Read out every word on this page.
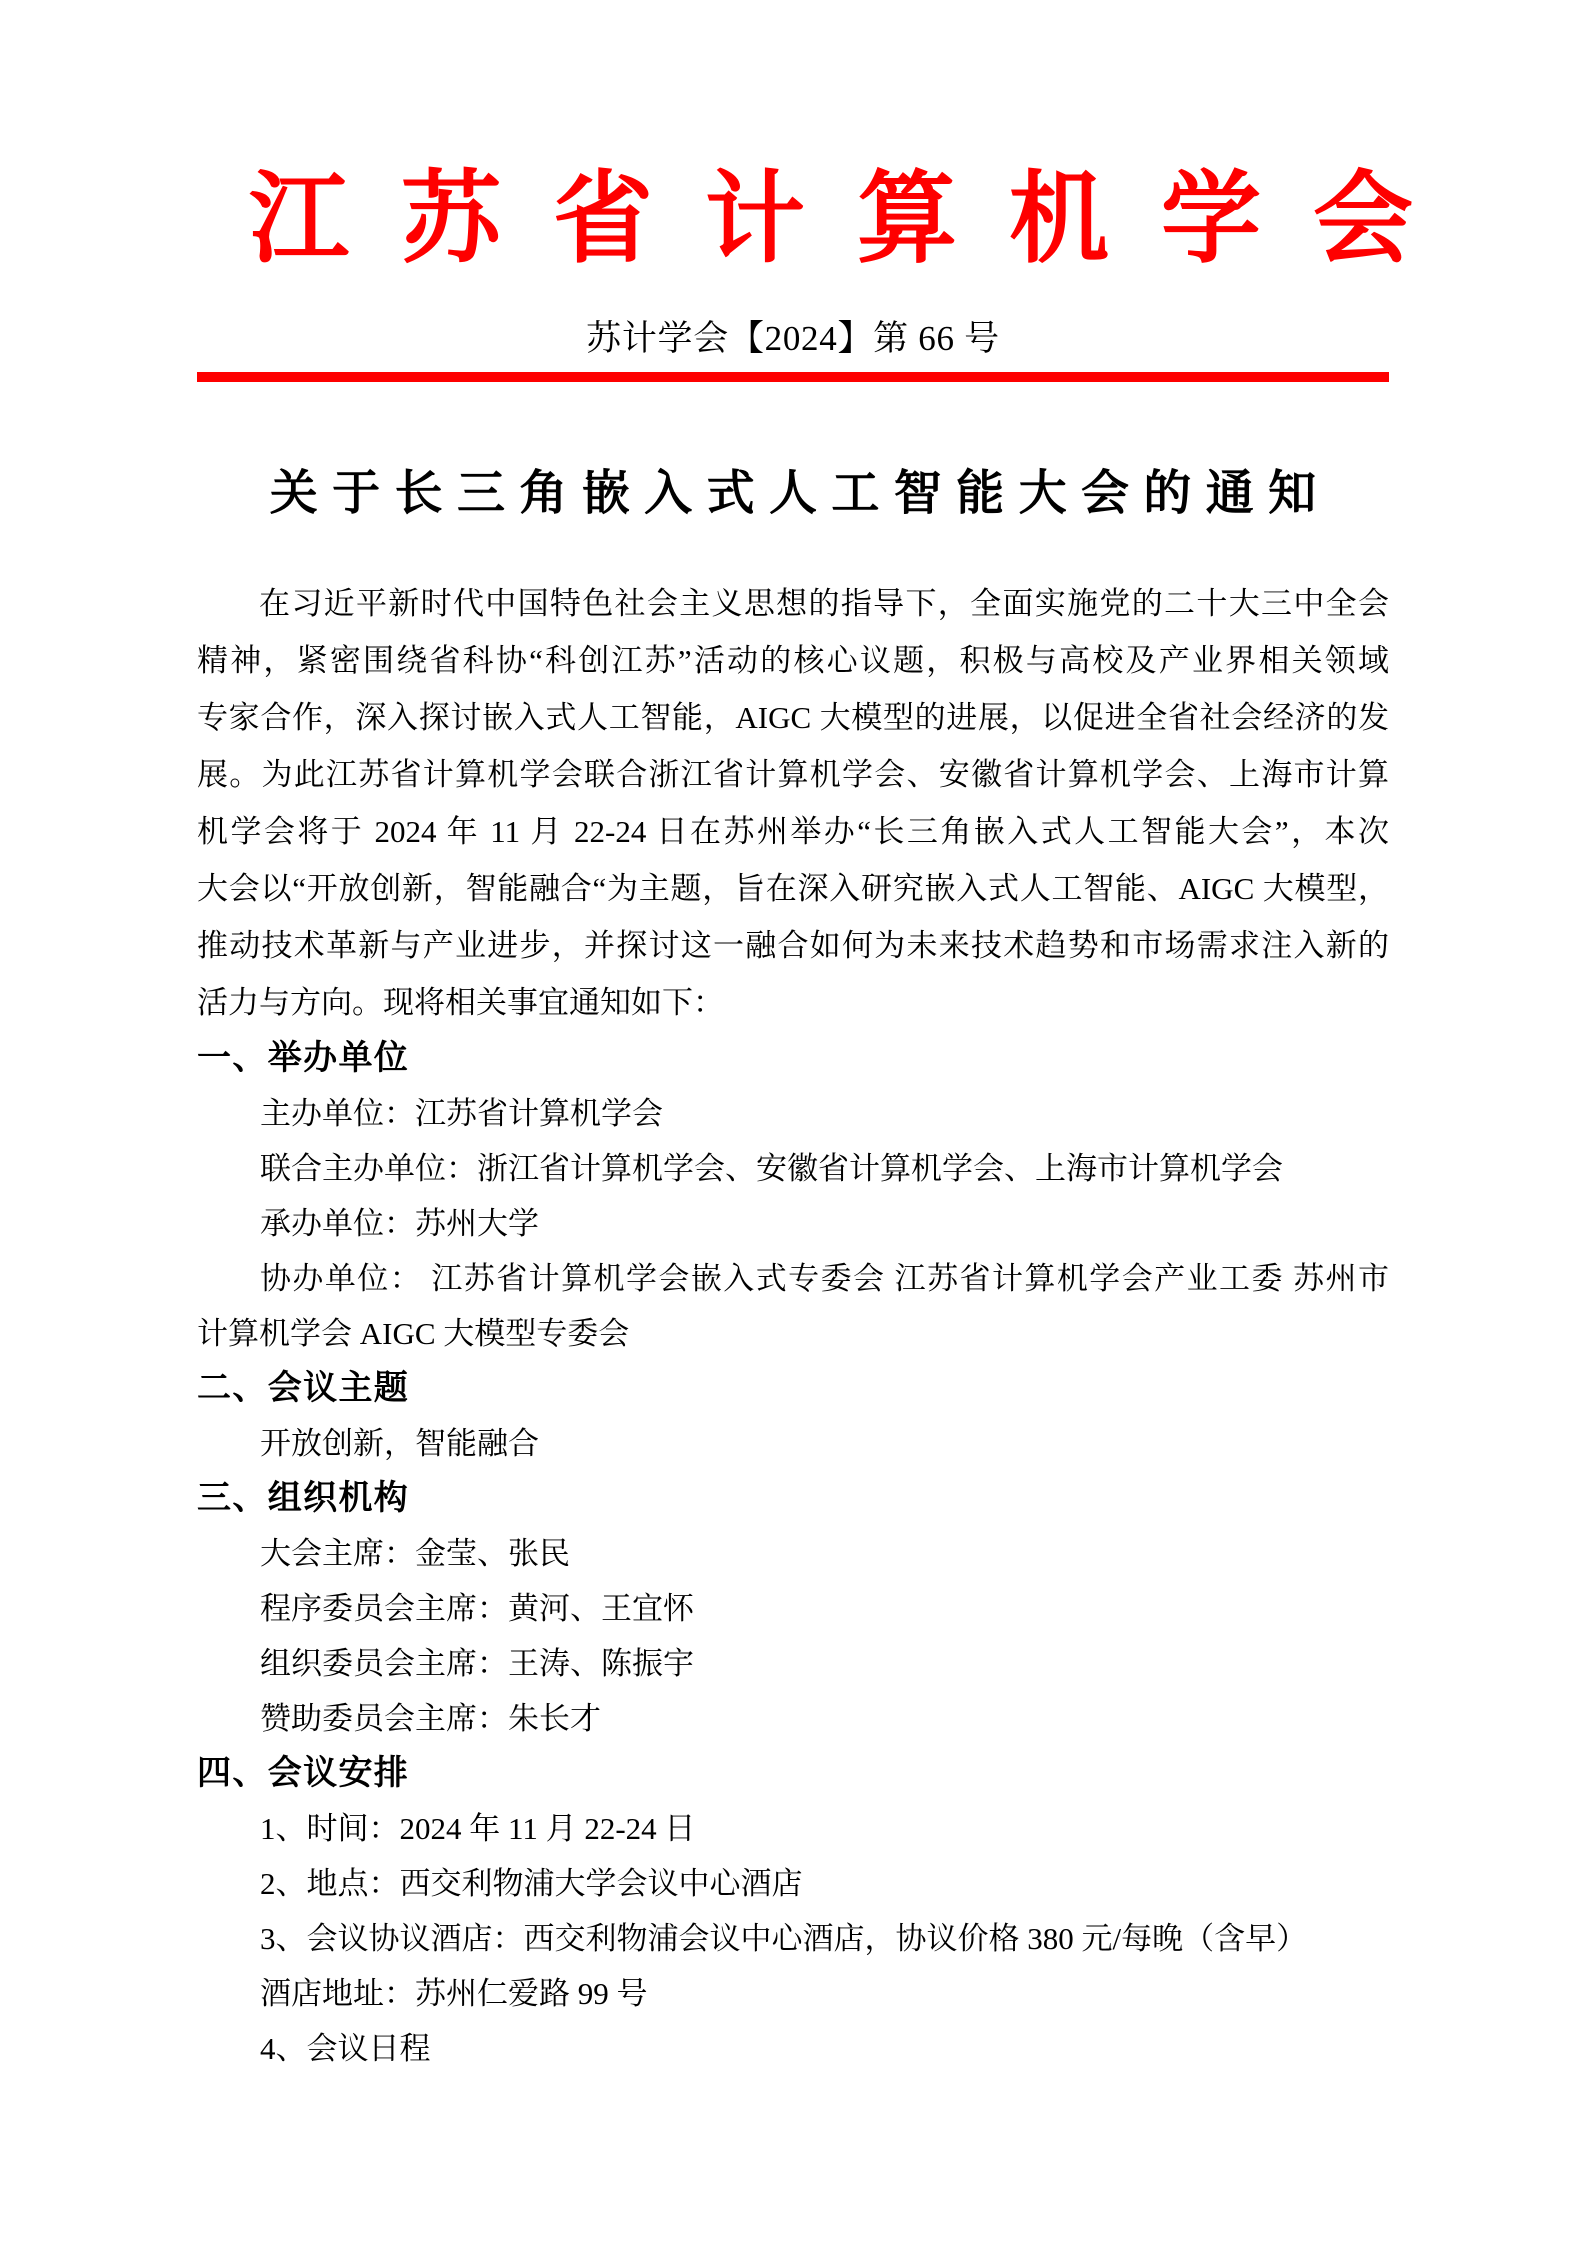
江苏省计算机学会
苏计学会【2024】第 66 号
关于长三角嵌入式人工智能大会的通知
在习近平新时代中国特色社会主义思想的指导下，全面实施党的二十大三中全会
精神，紧密围绕省科协“科创江苏”活动的核心议题，积极与高校及产业界相关领域
专家合作，深入探讨嵌入式人工智能，AIGC 大模型的进展，以促进全省社会经济的发
展。为此江苏省计算机学会联合浙江省计算机学会、安徽省计算机学会、上海市计算
机学会将于 2024 年 11 月 22-24 日在苏州举办“长三角嵌入式人工智能大会”，本次
大会以“开放创新，智能融合“为主题，旨在深入研究嵌入式人工智能、AIGC 大模型，
推动技术革新与产业进步，并探讨这一融合如何为未来技术趋势和市场需求注入新的
活力与方向。现将相关事宜通知如下：
一、举办单位
主办单位：江苏省计算机学会
联合主办单位：浙江省计算机学会、安徽省计算机学会、上海市计算机学会
承办单位：苏州大学
协办单位： 江苏省计算机学会嵌入式专委会 江苏省计算机学会产业工委 苏州市
计算机学会 AIGC 大模型专委会
二、会议主题
开放创新，智能融合
三、组织机构
大会主席：金莹、张民
程序委员会主席：黄河、王宜怀
组织委员会主席：王涛、陈振宇
赞助委员会主席：朱长才
四、会议安排
1、时间：2024 年 11 月 22-24 日
2、地点：西交利物浦大学会议中心酒店
3、会议协议酒店：西交利物浦会议中心酒店，协议价格 380 元/每晚（含早）
酒店地址：苏州仁爱路 99 号
4、会议日程
